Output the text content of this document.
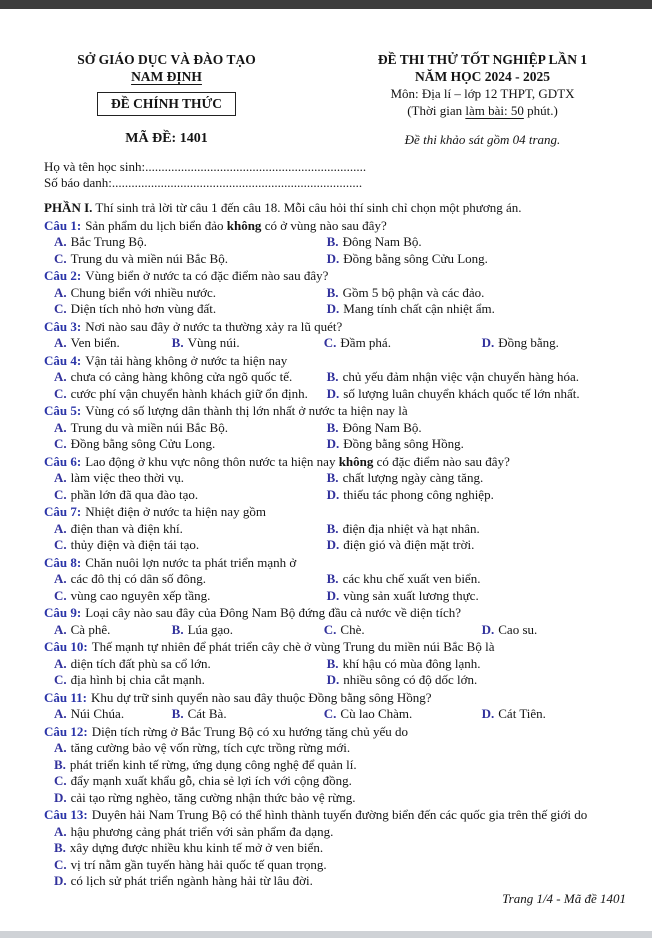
SỞ GIÁO DỤC VÀ ĐÀO TẠO
NAM ĐỊNH
ĐỀ CHÍNH THỨC
MÃ ĐỀ: 1401
ĐỀ THI THỬ TỐT NGHIỆP LẦN 1
NĂM HỌC 2024 - 2025
Môn: Địa lí – lớp 12 THPT, GDTX
(Thời gian làm bài: 50 phút.)
Đề thi khảo sát gồm 04 trang.
Họ và tên học sinh:....................................................................
Số báo danh:.............................................................................
PHẦN I. Thí sinh trả lời từ câu 1 đến câu 18. Mỗi câu hỏi thí sinh chỉ chọn một phương án.
Câu 1: Sản phẩm du lịch biển đảo không có ở vùng nào sau đây?
A. Bắc Trung Bộ.	B. Đông Nam Bộ.
C. Trung du và miền núi Bắc Bộ.	D. Đồng bằng sông Cửu Long.
Câu 2: Vùng biển ở nước ta có đặc điểm nào sau đây?
A. Chung biển với nhiều nước.	B. Gồm 5 bộ phận và các đảo.
C. Diện tích nhỏ hơn vùng đất.	D. Mang tính chất cận nhiệt ẩm.
Câu 3: Nơi nào sau đây ở nước ta thường xảy ra lũ quét?
A. Ven biển.	B. Vùng núi.	C. Đầm phá.	D. Đồng bằng.
Câu 4: Vận tải hàng không ở nước ta hiện nay
A. chưa có cảng hàng không cửa ngõ quốc tế.	B. chủ yếu đảm nhận việc vận chuyển hàng hóa.
C. cước phí vận chuyển hành khách giữ ổn định.	D. số lượng luân chuyển khách quốc tế lớn nhất.
Câu 5: Vùng có số lượng dân thành thị lớn nhất ở nước ta hiện nay là
A. Trung du và miền núi Bắc Bộ.	B. Đông Nam Bộ.
C. Đồng bằng sông Cửu Long.	D. Đồng bằng sông Hồng.
Câu 6: Lao động ở khu vực nông thôn nước ta hiện nay không có đặc điểm nào sau đây?
A. làm việc theo thời vụ.	B. chất lượng ngày càng tăng.
C. phần lớn đã qua đào tạo.	D. thiếu tác phong công nghiệp.
Câu 7: Nhiệt điện ở nước ta hiện nay gồm
A. điện than và điện khí.	B. điện địa nhiệt và hạt nhân.
C. thủy điện và điện tái tạo.	D. điện gió và điện mặt trời.
Câu 8: Chăn nuôi lợn nước ta phát triển mạnh ở
A. các đô thị có dân số đông.	B. các khu chế xuất ven biển.
C. vùng cao nguyên xếp tầng.	D. vùng sản xuất lương thực.
Câu 9: Loại cây nào sau đây của Đông Nam Bộ đứng đầu cả nước về diện tích?
A. Cà phê.	B. Lúa gạo.	C. Chè.	D. Cao su.
Câu 10: Thế mạnh tự nhiên để phát triển cây chè ở vùng Trung du miền núi Bắc Bộ là
A. diện tích đất phù sa cổ lớn.	B. khí hậu có mùa đông lạnh.
C. địa hình bị chia cắt mạnh.	D. nhiều sông có độ dốc lớn.
Câu 11: Khu dự trữ sinh quyển nào sau đây thuộc Đồng bằng sông Hồng?
A. Núi Chúa.	B. Cát Bà.	C. Cù lao Chàm.	D. Cát Tiên.
Câu 12: Diện tích rừng ở Bắc Trung Bộ có xu hướng tăng chủ yếu do
A. tăng cường bảo vệ vốn rừng, tích cực trồng rừng mới.
B. phát triển kinh tế rừng, ứng dụng công nghệ để quản lí.
C. đẩy mạnh xuất khẩu gỗ, chia sẻ lợi ích với cộng đồng.
D. cải tạo rừng nghèo, tăng cường nhận thức bảo vệ rừng.
Câu 13: Duyên hải Nam Trung Bộ có thể hình thành tuyến đường biển đến các quốc gia trên thế giới do
A. hậu phương cảng phát triển với sản phẩm đa dạng.
B. xây dựng được nhiều khu kinh tế mở ở ven biển.
C. vị trí nằm gần tuyến hàng hải quốc tế quan trọng.
D. có lịch sử phát triển ngành hàng hải từ lâu đời.
Trang 1/4 - Mã đề 1401
